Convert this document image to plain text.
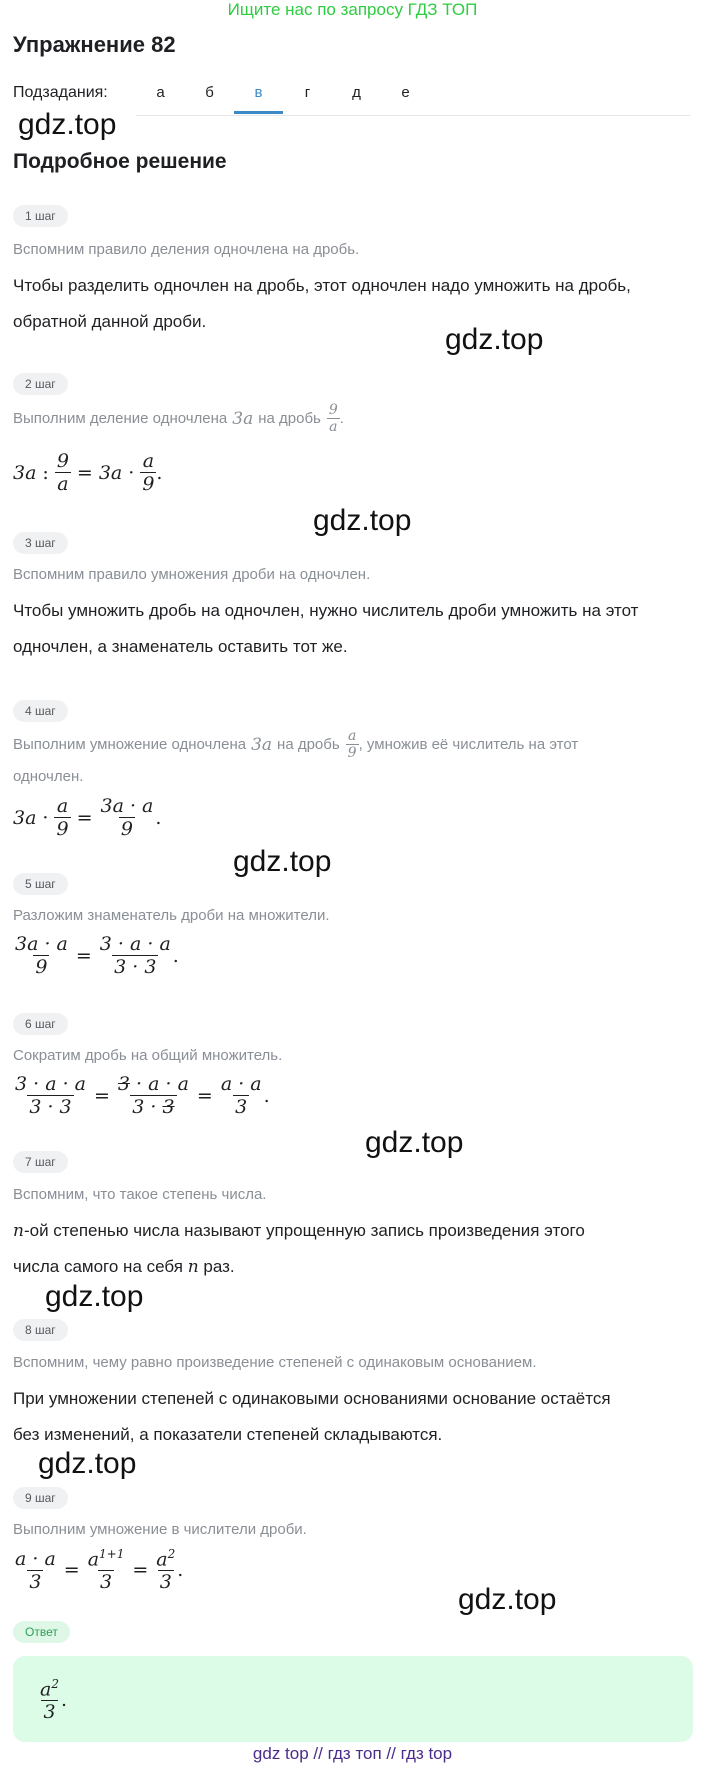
Ищите нас по запросу ГДЗ ТОП
Упражнение 82
Подзадания:	а	б	в	г	д	е
gdz.top
Подробное решение
1 шаг
Вспомним правило деления одночлена на дробь.
Чтобы разделить одночлен на дробь, этот одночлен надо умножить на дробь,
обратной данной дроби.
gdz.top
2 шаг
Выполним деление одночлена 3a на дробь $\frac{9}{a}$ .
3a : $\frac{9}{a} = 3a \cdot \frac{a}{9}$ .
gdz.top
3 шаг
Вспомним правило умножения дроби на одночлен.
Чтобы умножить дробь на одночлен, нужно числитель дроби умножить на этот
одночлен, а знаменатель оставить тот же.
4 шаг
Выполним умножение одночлена 3a на дробь $\frac{a}{9}$ , умножив её числитель на этот
одночлен.
$3a \cdot \frac{a}{9} = \frac{3a \cdot a}{9}$ .
gdz.top
5 шаг
Разложим знаменатель дроби на множители.
$\frac{3a \cdot a}{9} = \frac{3 \cdot a \cdot a}{3 \cdot 3}$ .
6 шаг
Сократим дробь на общий множитель.
$\frac{3 \cdot a \cdot a}{3 \cdot 3} = \frac{3 \cdot a \cdot a}{3 \cdot 3} = \frac{a \cdot a}{3}$ .
gdz.top
7 шаг
Вспомним, что такое степень числа.
n-ой степенью числа называют упрощенную запись произведения этого
числа самого на себя n раз.
gdz.top
8 шаг
Вспомним, чему равно произведение степеней с одинаковым основанием.
При умножении степеней с одинаковыми основаниями основание остаётся
без изменений, а показатели степеней складываются.
gdz.top
9 шаг
Выполним умножение в числители дроби.
$\frac{a \cdot a}{3} = \frac{a^{1+1}}{3} = \frac{a^2}{3}$ .
gdz.top
Ответ
$\frac{a^2}{3}$ .
gdz top // гдз топ // гдз top
